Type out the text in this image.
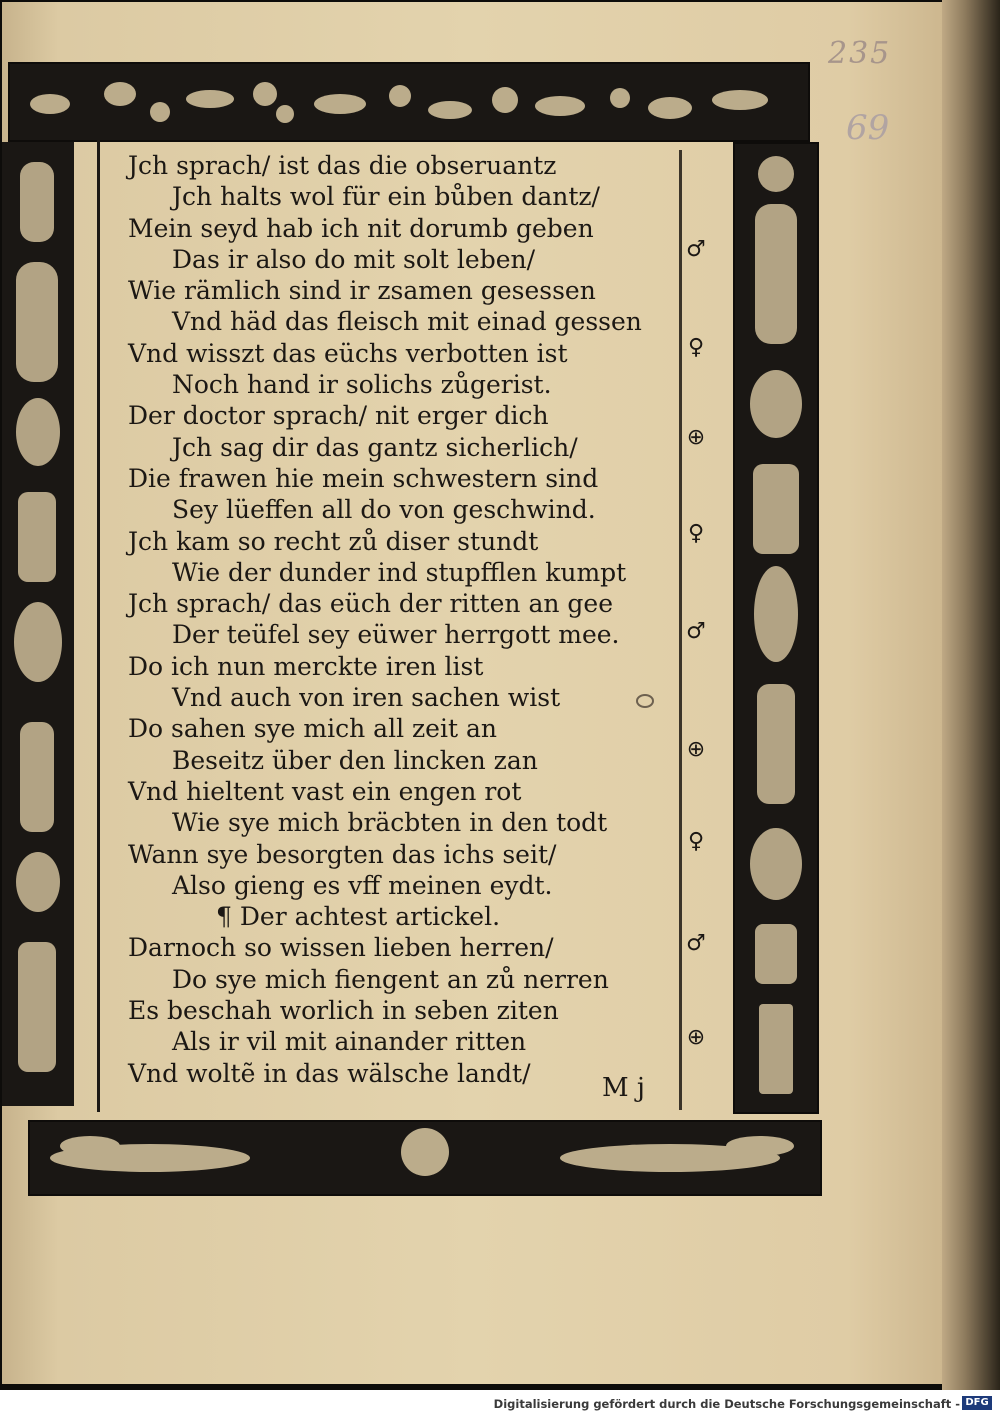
235
69
Jch sprach/ ist das die obseruantz
Jch halts wol für ein bůben dantz/
Mein seyd hab ich nit dorumb geben
Das ir also do mit solt leben/
Wie rämlich sind ir zsamen gesessen
Vnd häd das fleisch mit einad gessen
Vnd wisszt das eüchs verbotten ist
Noch hand ir solichs zůgerist.
Der doctor sprach/ nit erger dich
Jch sag dir das gantz sicherlich/
Die frawen hie mein schwestern sind
Sey lüeffen all do von geschwind.
Jch kam so recht zů diser stundt
Wie der dunder ind stupfflen kumpt
Jch sprach/ das eüch der ritten an gee
Der teüfel sey eüwer herrgott mee.
Do ich nun merckte iren list
Vnd auch von iren sachen wist
Do sahen sye mich all zeit an
Beseitz über den lincken zan
Vnd hieltent vast ein engen rot
Wie sye mich bräcbten in den todt
Wann sye besorgten das ichs seit/
Also gieng es vff meinen eydt.
¶ Der achtest artickel.
Darnoch so wissen lieben herren/
Do sye mich fiengent an zů nerren
Es beschah worlich in seben ziten
Als ir vil mit ainander ritten
Vnd woltẽ in das wälsche landt/	M j
♂
♀
⊕
♀
♂
⊕
♀
♂
⊕
Digitalisierung gefördert durch die Deutsche Forschungsgemeinschaft - DFG
